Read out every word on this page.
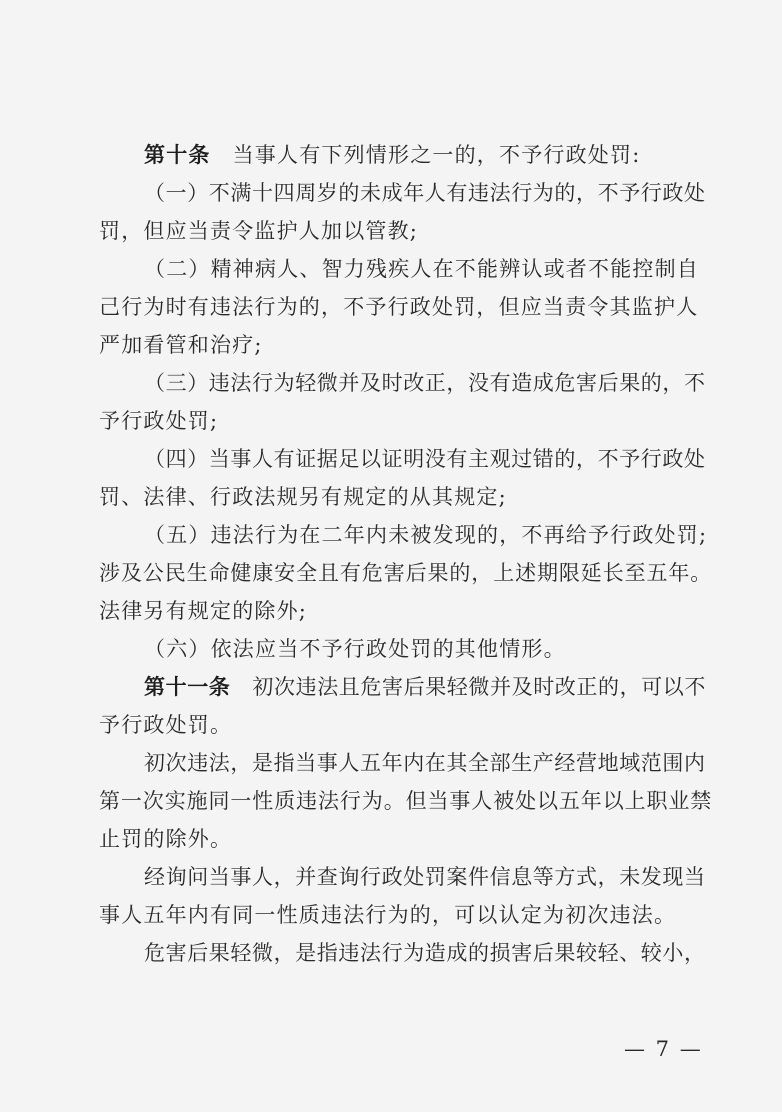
第十条 当事人有下列情形之一的，不予行政处罚:
（一）不满十四周岁的未成年人有违法行为的，不予行政处
罚，但应当责令监护人加以管教;
（二）精神病人、智力残疾人在不能辨认或者不能控制自
己行为时有违法行为的，不予行政处罚，但应当责令其监护人
严加看管和治疗;
（三）违法行为轻微并及时改正，没有造成危害后果的，不
予行政处罚;
（四）当事人有证据足以证明没有主观过错的，不予行政处
罚、法律、行政法规另有规定的从其规定;
（五）违法行为在二年内未被发现的，不再给予行政处罚;
涉及公民生命健康安全且有危害后果的，上述期限延长至五年。
法律另有规定的除外;
（六）依法应当不予行政处罚的其他情形。
第十一条 初次违法且危害后果轻微并及时改正的，可以不
予行政处罚。
初次违法，是指当事人五年内在其全部生产经营地域范围内
第一次实施同一性质违法行为。但当事人被处以五年以上职业禁
止罚的除外。
经询问当事人，并查询行政处罚案件信息等方式，未发现当
事人五年内有同一性质违法行为的，可以认定为初次违法。
危害后果轻微，是指违法行为造成的损害后果较轻、较小，
— 7 —
